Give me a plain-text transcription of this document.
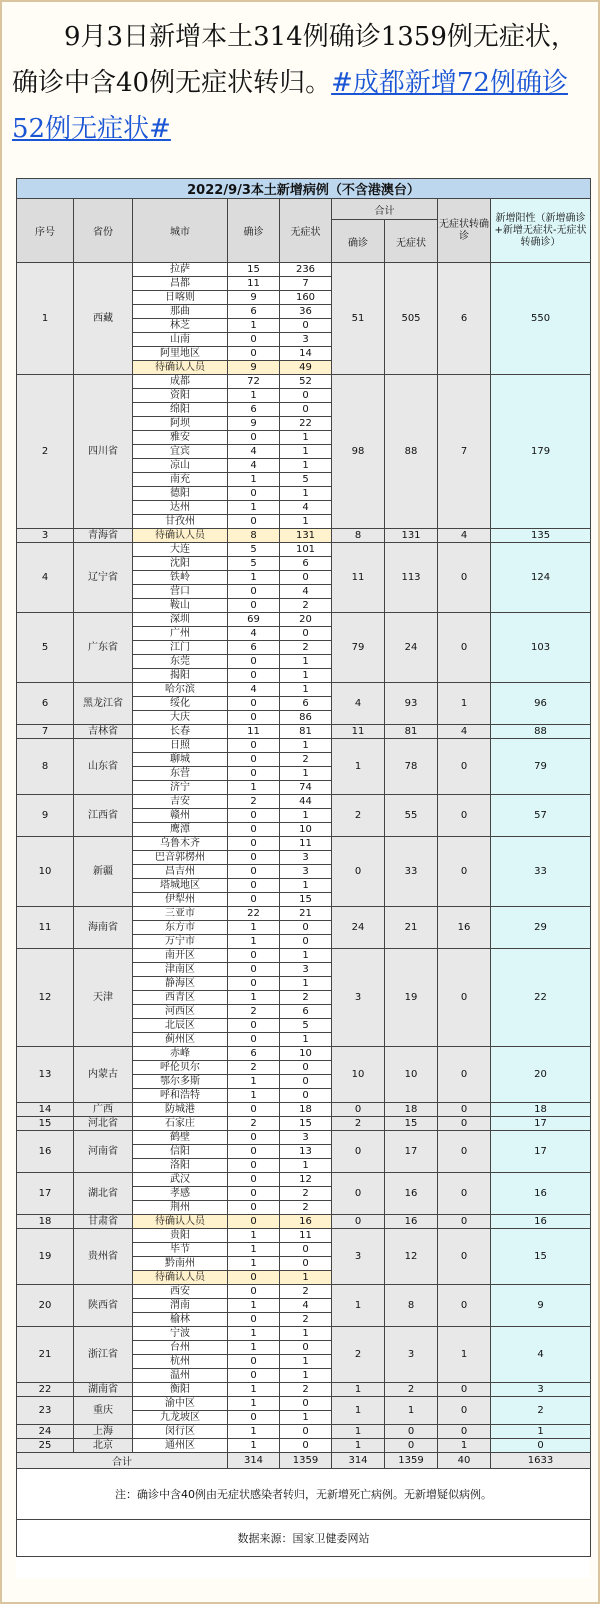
9月3日新增本土314例确诊1359例无症状，确诊中含40例无症状转归。#成都新增72例确诊52例无症状#
2022/9/3本土新增病例（不含港澳台）								
序号	省份	城市	确诊	无症状	合计		无症状转确诊	新增阳性（新增确诊+新增无症状-无症状转确诊）
					确诊	无症状		
1	西藏	拉萨	15	236	51	505	6	550
		昌都	11	7				
		日喀则	9	160				
		那曲	6	36				
		林芝	1	0				
		山南	0	3				
		阿里地区	0	14				
		待确认人员	9	49				
2	四川省	成都	72	52	98	88	7	179
		资阳	1	0				
		绵阳	6	0				
		阿坝	9	22				
		雅安	0	1				
		宜宾	4	1				
		凉山	4	1				
		南充	1	5				
		德阳	0	1				
		达州	1	4				
		甘孜州	0	1				
3	青海省	待确认人员	8	131	8	131	4	135
4	辽宁省	大连	5	101	11	113	0	124
		沈阳	5	6				
		铁岭	1	0				
		营口	0	4				
		鞍山	0	2				
5	广东省	深圳	69	20	79	24	0	103
		广州	4	0				
		江门	6	2				
		东莞	0	1				
		揭阳	0	1				
6	黑龙江省	哈尔滨	4	1	4	93	1	96
		绥化	0	6				
		大庆	0	86				
7	吉林省	长春	11	81	11	81	4	88
8	山东省	日照	0	1	1	78	0	79
		聊城	0	2				
		东营	0	1				
		济宁	1	74				
9	江西省	吉安	2	44	2	55	0	57
		赣州	0	1				
		鹰潭	0	10				
10	新疆	乌鲁木齐	0	11	0	33	0	33
		巴音郭楞州	0	3				
		昌吉州	0	3				
		塔城地区	0	1				
		伊犁州	0	15				
11	海南省	三亚市	22	21	24	21	16	29
		东方市	1	0				
		万宁市	1	0				
12	天津	南开区	0	1	3	19	0	22
		津南区	0	3				
		静海区	0	1				
		西青区	1	2				
		河西区	2	6				
		北辰区	0	5				
		蓟州区	0	1				
13	内蒙古	赤峰	6	10	10	10	0	20
		呼伦贝尔	2	0				
		鄂尔多斯	1	0				
		呼和浩特	1	0				
14	广西	防城港	0	18	0	18	0	18
15	河北省	石家庄	2	15	2	15	0	17
16	河南省	鹤壁	0	3	0	17	0	17
		信阳	0	13				
		洛阳	0	1				
17	湖北省	武汉	0	12	0	16	0	16
		孝感	0	2				
		荆州	0	2				
18	甘肃省	待确认人员	0	16	0	16	0	16
19	贵州省	贵阳	1	11	3	12	0	15
		毕节	1	0				
		黔南州	1	0				
		待确认人员	0	1				
20	陕西省	西安	0	2	1	8	0	9
		渭南	1	4				
		榆林	0	2				
21	浙江省	宁波	1	1	2	3	1	4
		台州	1	0				
		杭州	0	1				
		温州	0	1				
22	湖南省	衡阳	1	2	1	2	0	3
23	重庆	渝中区	1	0	1	1	0	2
		九龙坡区	0	1				
24	上海	闵行区	1	0	1	0	0	1
25	北京	通州区	1	0	1	0	1	0
合计			314	1359	314	1359	40	1633
注：确诊中含40例由无症状感染者转归，无新增死亡病例。无新增疑似病例。								
数据来源：国家卫健委网站								
